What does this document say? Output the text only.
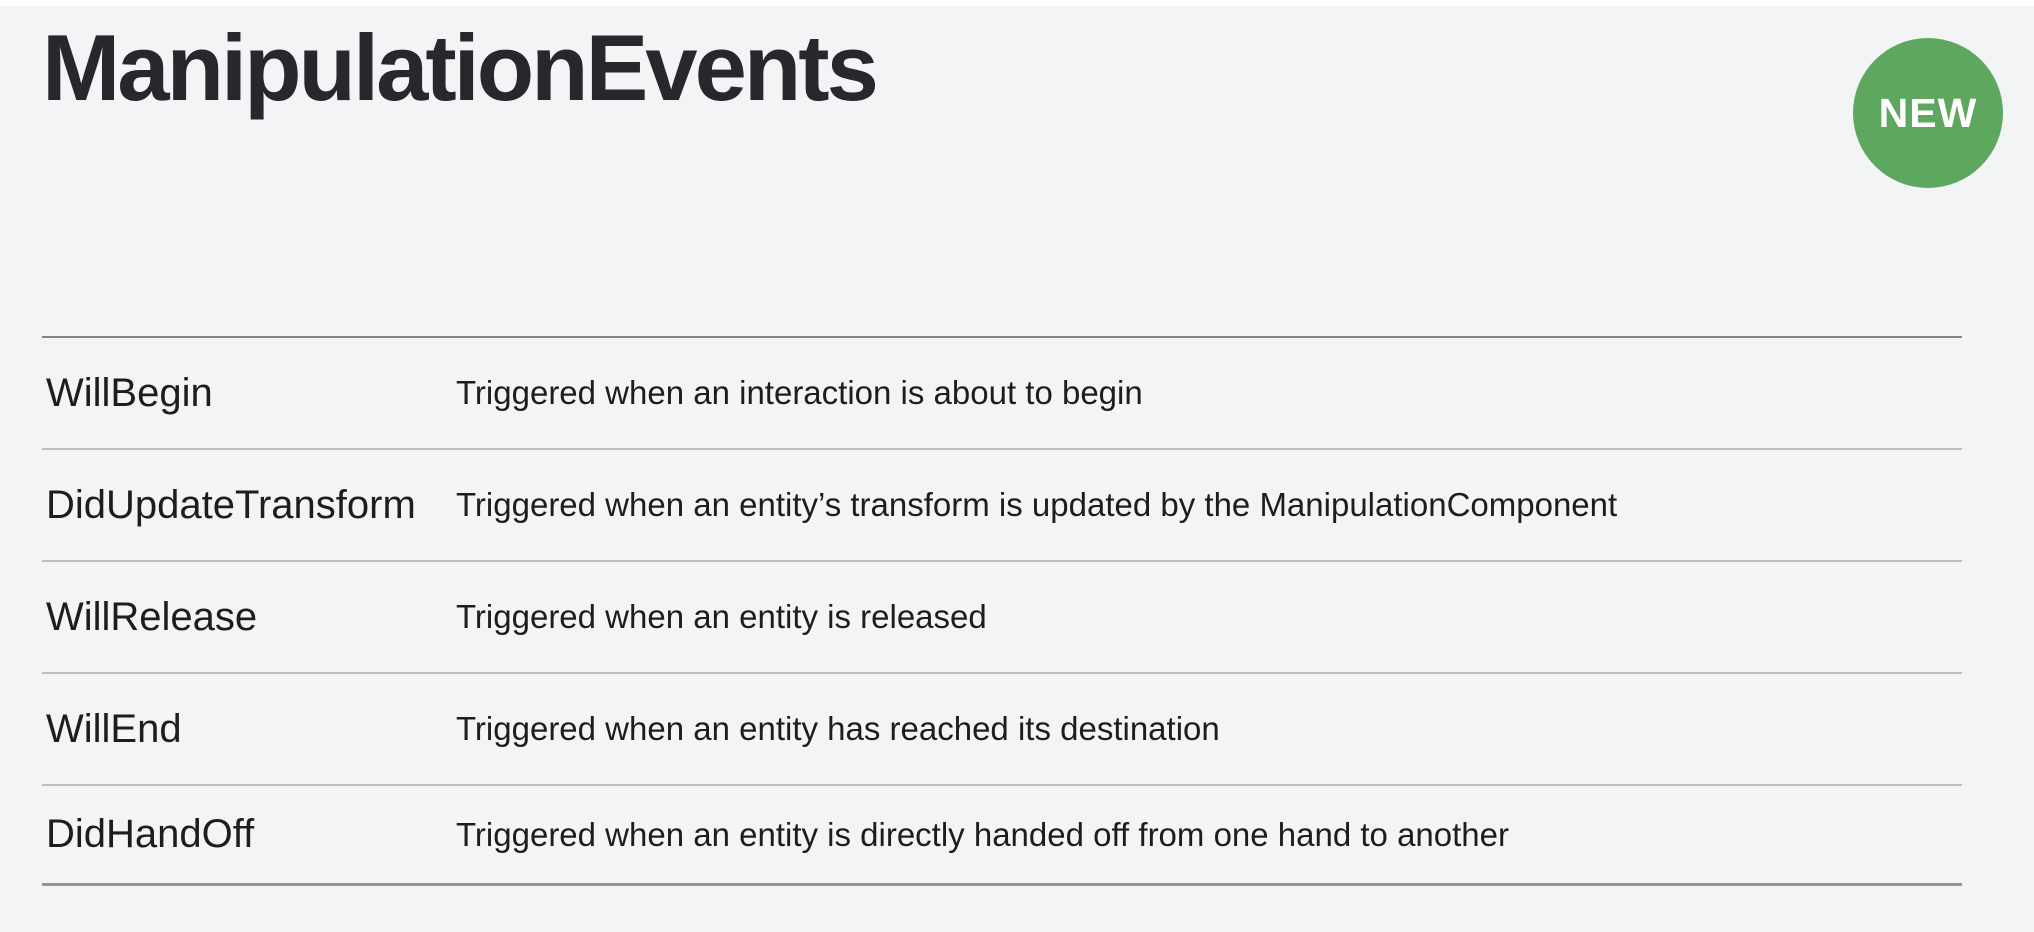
ManipulationEvents	NEW
WillBegin	Triggered when an interaction is about to begin
DidUpdateTransform	Triggered when an entity’s transform is updated by the ManipulationComponent
WillRelease	Triggered when an entity is released
WillEnd	Triggered when an entity has reached its destination
DidHandOff	Triggered when an entity is directly handed off from one hand to another
